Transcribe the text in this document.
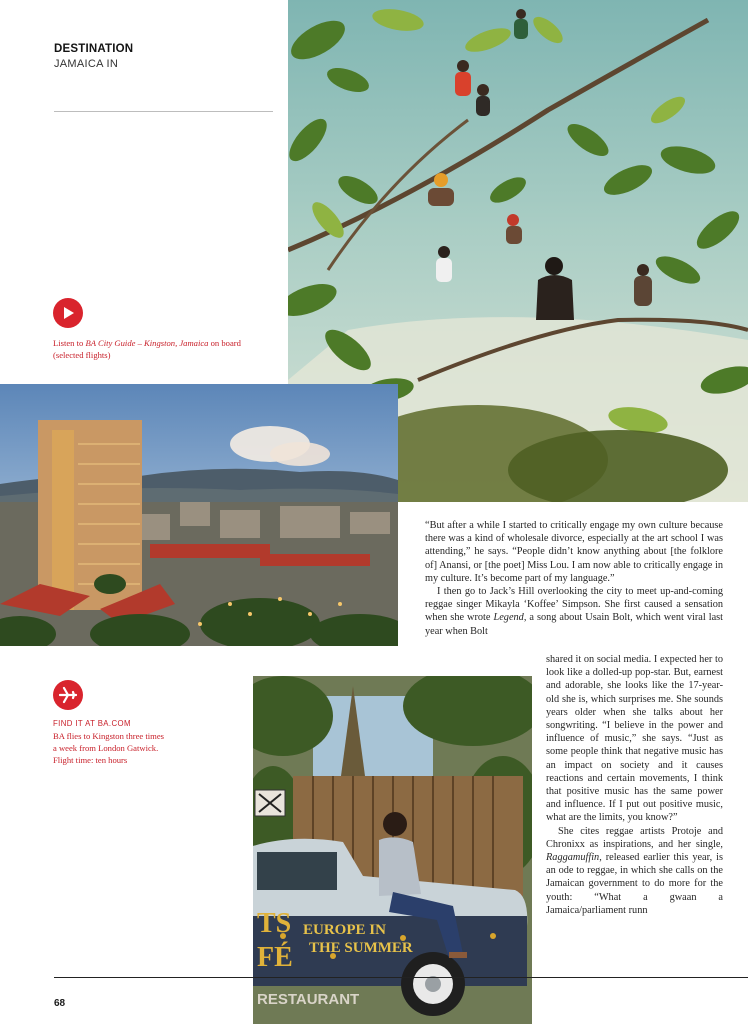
DESTINATION
JAMAICA IN
TS
FÉ
EUROPE IN
THE SUMMER
RESTAURANT
Listen to BA City Guide – Kingston, Jamaica on board (selected flights)
FIND IT AT BA.COM
BA flies to Kingston three times
a week from London Gatwick.
Flight time: ten hours

“But after a while I started to critically engage my own culture because there was a kind of wholesale divorce, especially at the art school I was attending,” he says. “People didn’t know anything about [the folklore of] Anansi, or [the poet] Miss Lou. I am now able to critically engage in my culture. It’s become part of my language.”

I then go to Jack’s Hill overlooking the city to meet up-and-coming reggae singer Mikayla ‘Koffee’ Simpson. She first caused a sensation when she wrote Legend, a song about Usain Bolt, which went viral last year when Bolt

shared it on social media. I expected her to look like a dolled-up pop-star. But, earnest and adorable, she looks like the 17-year-old she is, which surprises me. She sounds years older when she talks about her songwriting. “I believe in the power and influence of music,” she says. “Just as some people think that negative music has an impact on society and it causes reactions and certain movements, I think that positive music has the same power and influence. If I put out positive music, what are the limits, you know?”

She cites reggae artists Protoje and Chronixx as inspirations, and her single, Raggamuffin, released earlier this year, is an ode to reggae, in which she calls on the Jamaican government to do more for the youth: “What a gwaan a Jamaica/parliament runn

68
